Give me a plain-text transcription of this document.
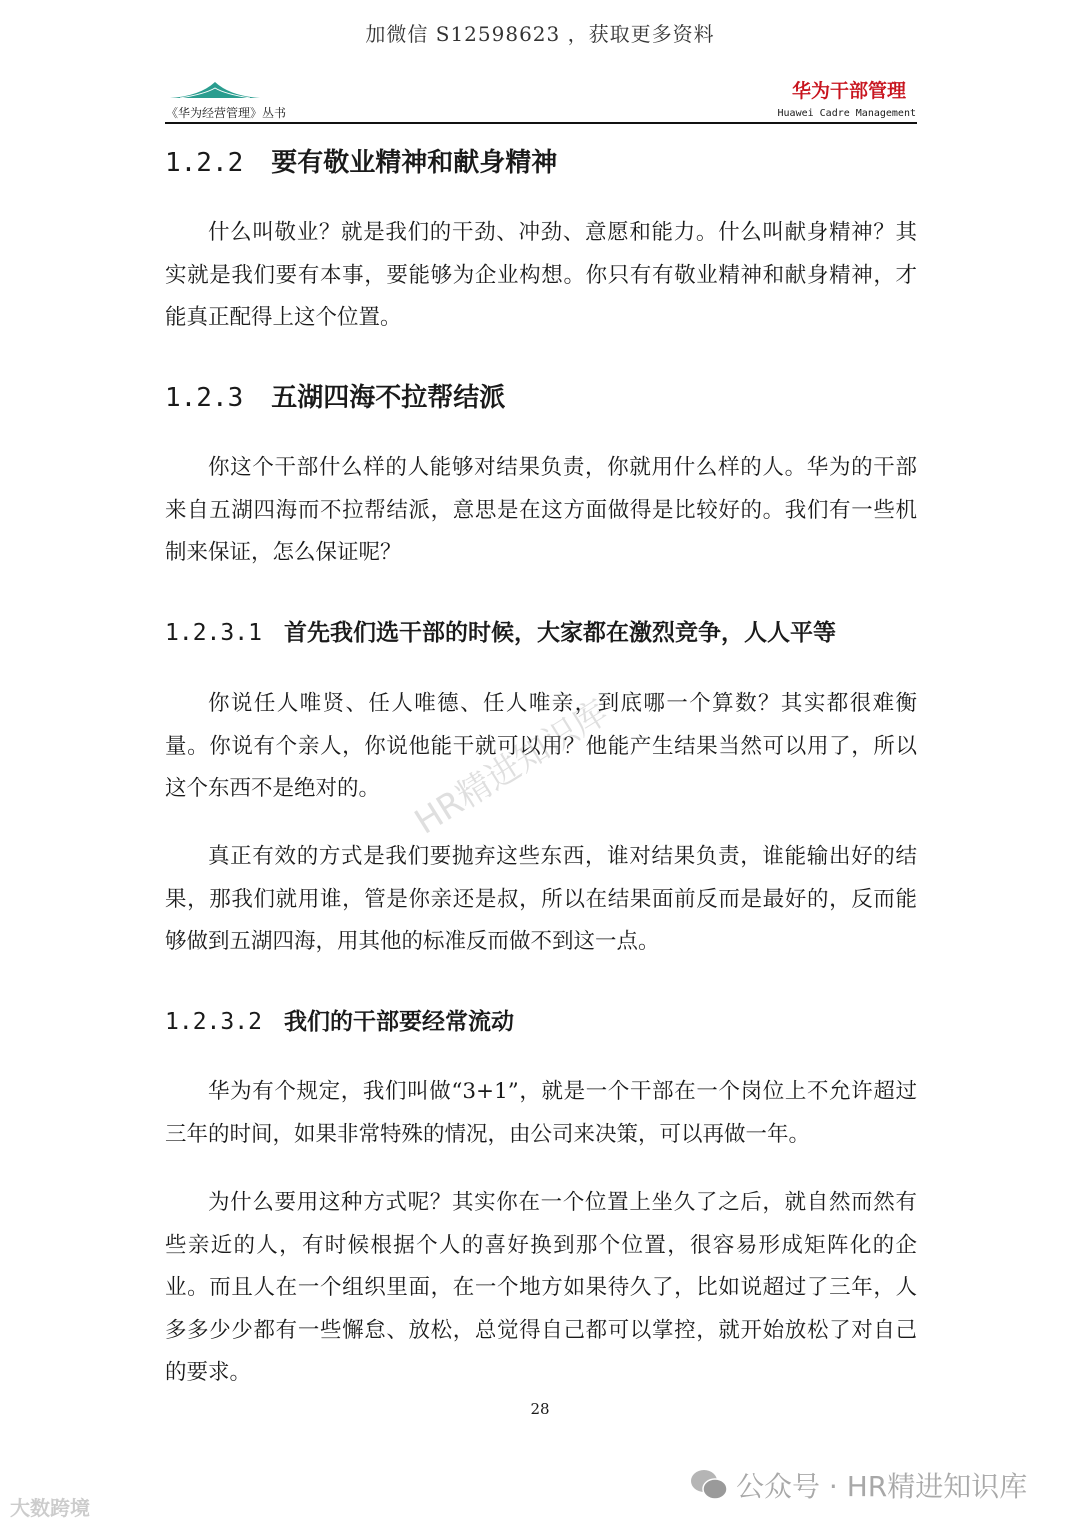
加微信 S12598623 ，获取更多资料
《华为经营管理》丛书
华为干部管理
Huawei Cadre Management
1.2.2 要有敬业精神和献身精神
什么叫敬业？就是我们的干劲、冲劲、意愿和能力。什么叫献身精神？其实就是我们要有本事，要能够为企业构想。你只有有敬业精神和献身精神，才能真正配得上这个位置。
1.2.3 五湖四海不拉帮结派
你这个干部什么样的人能够对结果负责，你就用什么样的人。华为的干部来自五湖四海而不拉帮结派，意思是在这方面做得是比较好的。我们有一些机制来保证，怎么保证呢？
1.2.3.1 首先我们选干部的时候，大家都在激烈竞争，人人平等
你说任人唯贤、任人唯德、任人唯亲，到底哪一个算数？其实都很难衡量。你说有个亲人，你说他能干就可以用？他能产生结果当然可以用了，所以这个东西不是绝对的。
真正有效的方式是我们要抛弃这些东西，谁对结果负责，谁能输出好的结果，那我们就用谁，管是你亲还是叔，所以在结果面前反而是最好的，反而能够做到五湖四海，用其他的标准反而做不到这一点。
1.2.3.2 我们的干部要经常流动
华为有个规定，我们叫做“3+1”，就是一个干部在一个岗位上不允许超过三年的时间，如果非常特殊的情况，由公司来决策，可以再做一年。
为什么要用这种方式呢？其实你在一个位置上坐久了之后，就自然而然有些亲近的人，有时候根据个人的喜好换到那个位置，很容易形成矩阵化的企业。而且人在一个组织里面，在一个地方如果待久了，比如说超过了三年，人多多少少都有一些懈怠、放松，总觉得自己都可以掌控，就开始放松了对自己的要求。
28
HR精进知识库
公众号 · HR精进知识库
大数跨境
